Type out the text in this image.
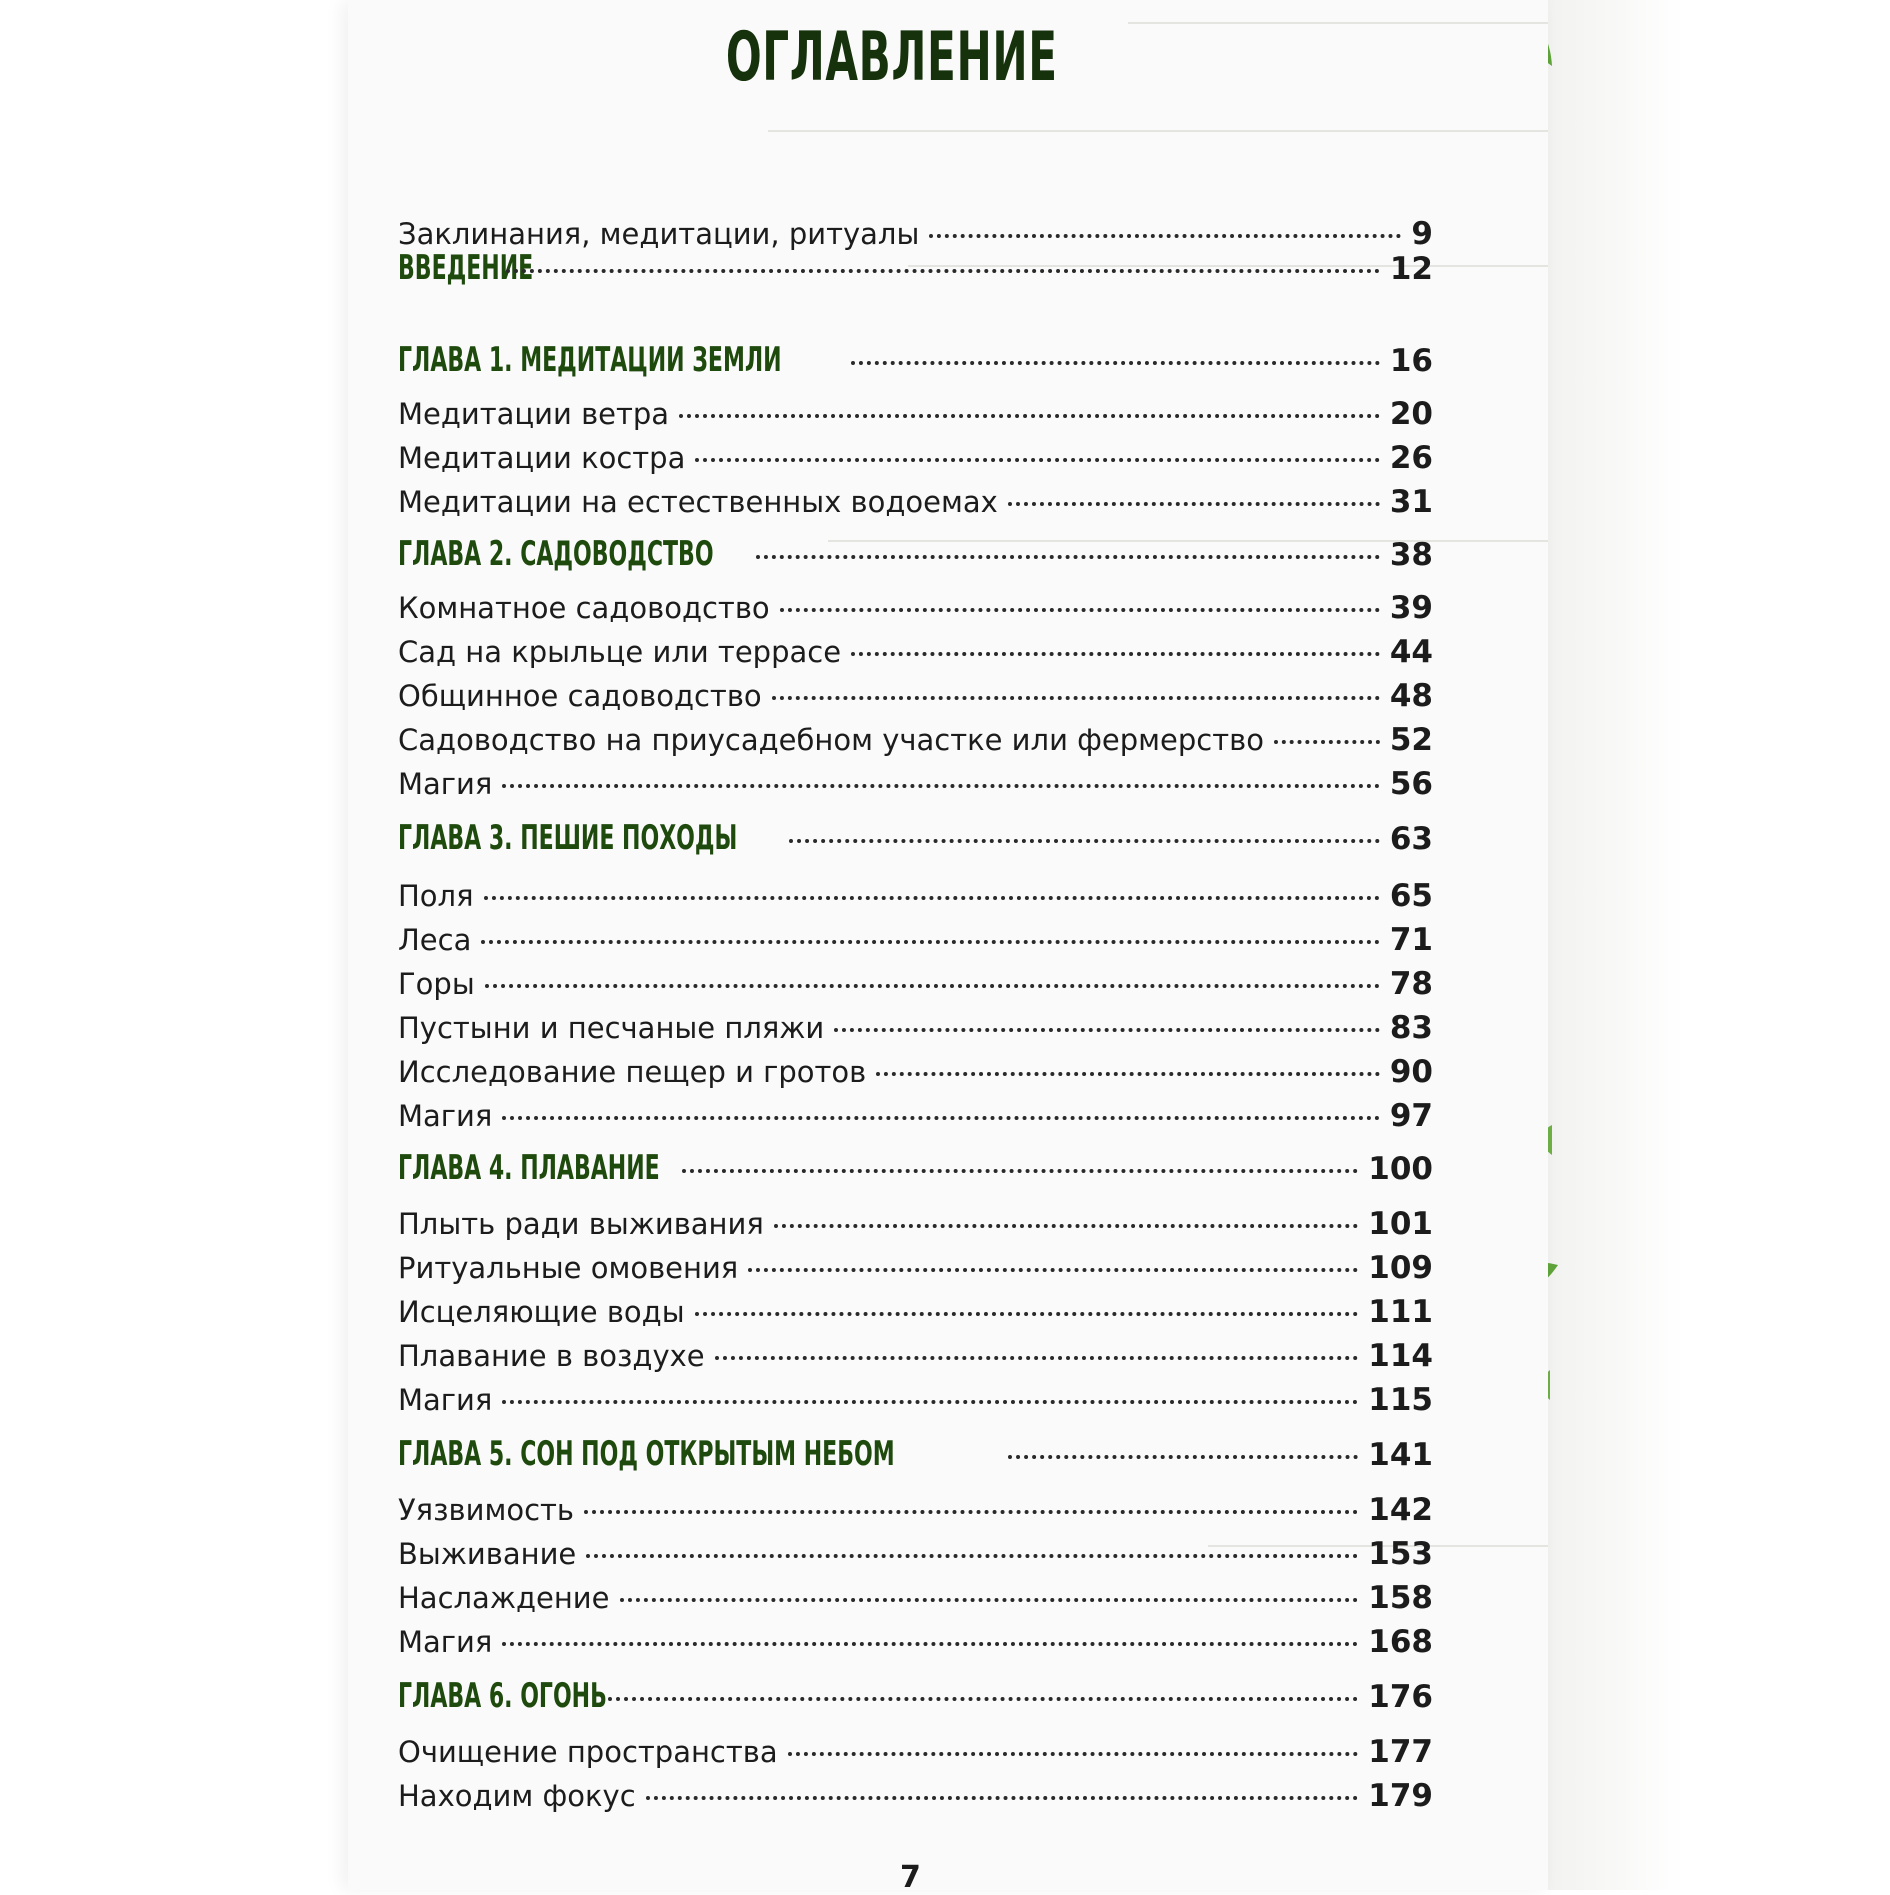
ОГЛАВЛЕНИЕ
Заклинания, медитации, ритуалы	9
ВВЕДЕНИЕ	12
ГЛАВА 1. МЕДИТАЦИИ ЗЕМЛИ	16
Медитации ветра	20
Медитации костра	26
Медитации на естественных водоемах	31
ГЛАВА 2. САДОВОДСТВО	38
Комнатное садоводство	39
Сад на крыльце или террасе	44
Общинное садоводство	48
Садоводство на приусадебном участке или фермерство	52
Магия	56
ГЛАВА 3. ПЕШИЕ ПОХОДЫ	63
Поля	65
Леса	71
Горы	78
Пустыни и песчаные пляжи	83
Исследование пещер и гротов	90
Магия	97
ГЛАВА 4. ПЛАВАНИЕ	100
Плыть ради выживания	101
Ритуальные омовения	109
Исцеляющие воды	111
Плавание в воздухе	114
Магия	115
ГЛАВА 5. СОН ПОД ОТКРЫТЫМ НЕБОМ	141
Уязвимость	142
Выживание	153
Наслаждение	158
Магия	168
ГЛАВА 6. ОГОНЬ	176
Очищение пространства	177
Находим фокус	179
7
